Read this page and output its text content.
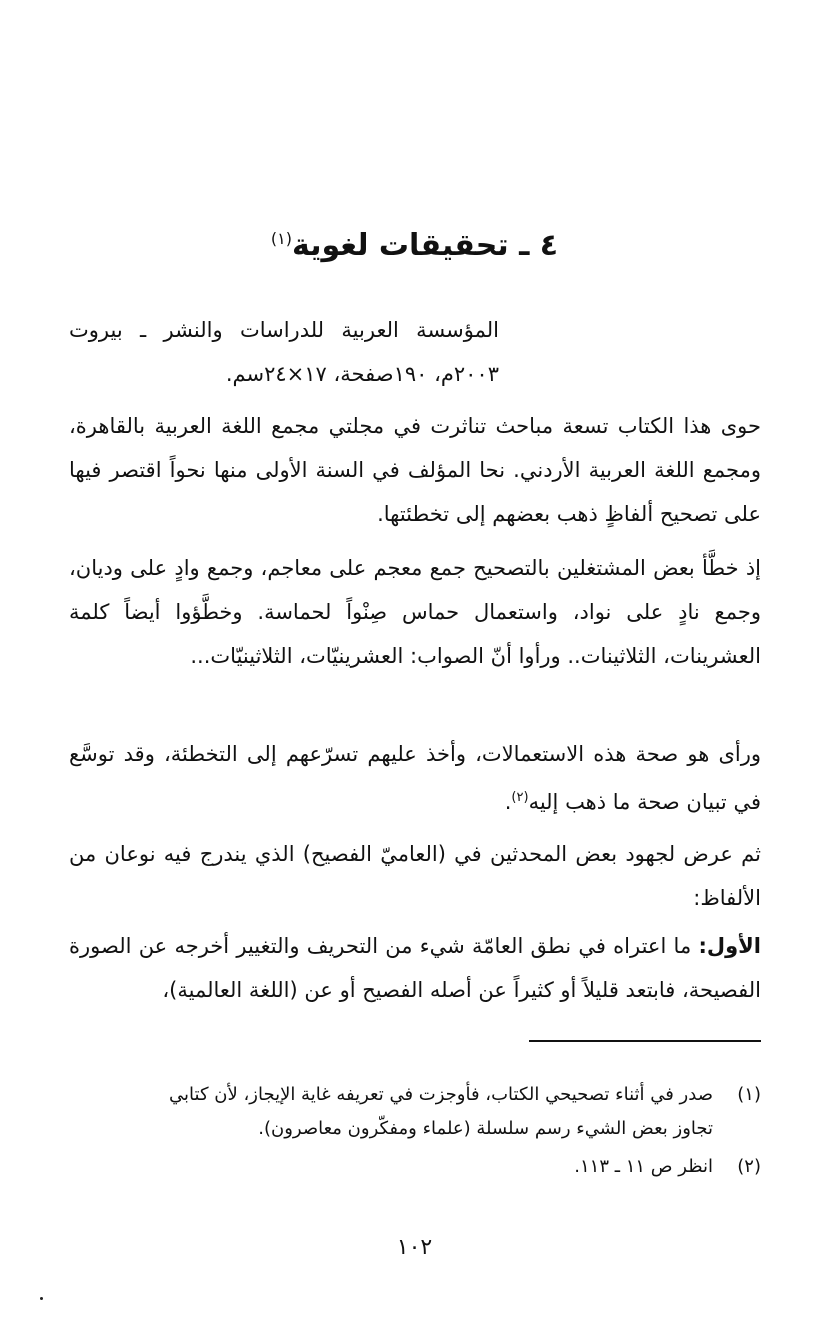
٤ ـ تحقيقات لغوية$^{(١)}$
المؤسسة العربية للدراسات والنشر ـ بيروت
٢٠٠٣م، ١٩٠صفحة، ١٧×٢٤سم.

حوى هذا الكتاب تسعة مباحث تناثرت في مجلتي مجمع اللغة العربية بالقاهرة، ومجمع اللغة العربية الأردني. نحا المؤلف في السنة الأولى منها نحواً اقتصر فيها على تصحيح ألفاظٍ ذهب بعضهم إلى تخطئتها.

إذ خطَّأ بعض المشتغلين بالتصحيح جمع معجم على معاجم، وجمع وادٍ على وديان، وجمع نادٍ على نواد، واستعمال حماس صِنْواً لحماسة. وخطَّؤوا أيضاً كلمة العشرينات، الثلاثينات.. ورأوا أنّ الصواب: العشرينيّات، الثلاثينيّات...

ورأى هو صحة هذه الاستعمالات، وأخذ عليهم تسرّعهم إلى التخطئة، وقد توسَّع في تبيان صحة ما ذهب إليه$^{(٢)}$.

ثم عرض لجهود بعض المحدثين في (العاميّ الفصيح) الذي يندرج فيه نوعان من الألفاظ:

الأول: ما اعتراه في نطق العامّة شيء من التحريف والتغيير أخرجه عن الصورة الفصيحة، فابتعد قليلاً أو كثيراً عن أصله الفصيح أو عن (اللغة العالمية)،

(١)صدر في أثناء تصحيحي الكتاب، فأوجزت في تعريفه غاية الإيجاز، لأن كتابي
تجاوز بعض الشيء رسم سلسلة (علماء ومفكّرون معاصرون).
(٢)انظر ص ١١ ـ ١١٣.
١٠٢
